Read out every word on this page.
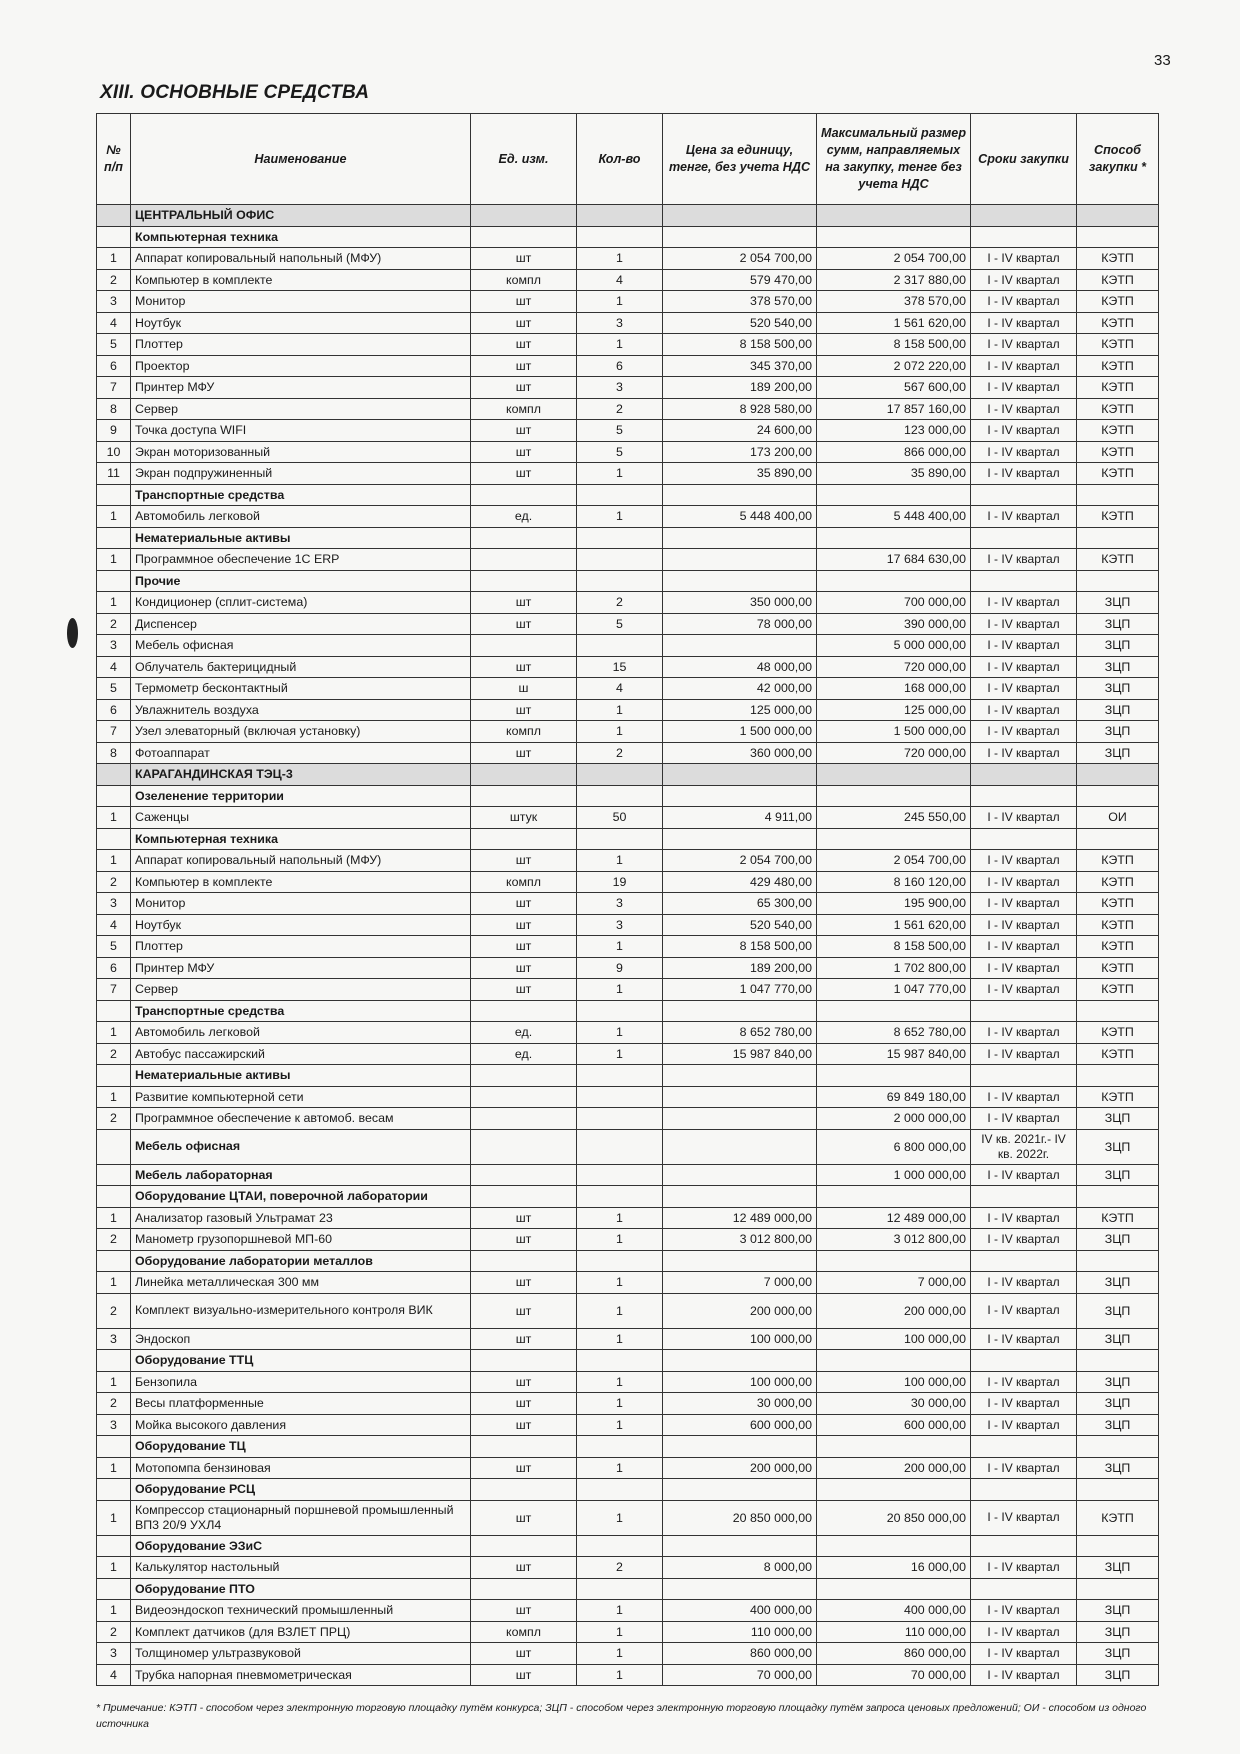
33
XIII. ОСНОВНЫЕ СРЕДСТВА
№ п/п	Наименование	Ед. изм.	Кол-во	Цена за единицу, тенге, без учета НДС	Максимальный размер сумм, направляемых на закупку, тенге без учета НДС	Сроки закупки	Способ закупки *
	ЦЕНТРАЛЬНЫЙ ОФИС						
	Компьютерная техника						
1	Аппарат копировальный напольный (МФУ)	шт	1	2 054 700,00	2 054 700,00	I - IV квартал	КЭТП
2	Компьютер в комплекте	компл	4	579 470,00	2 317 880,00	I - IV квартал	КЭТП
3	Монитор	шт	1	378 570,00	378 570,00	I - IV квартал	КЭТП
4	Ноутбук	шт	3	520 540,00	1 561 620,00	I - IV квартал	КЭТП
5	Плоттер	шт	1	8 158 500,00	8 158 500,00	I - IV квартал	КЭТП
6	Проектор	шт	6	345 370,00	2 072 220,00	I - IV квартал	КЭТП
7	Принтер МФУ	шт	3	189 200,00	567 600,00	I - IV квартал	КЭТП
8	Сервер	компл	2	8 928 580,00	17 857 160,00	I - IV квартал	КЭТП
9	Точка доступа WIFI	шт	5	24 600,00	123 000,00	I - IV квартал	КЭТП
10	Экран моторизованный	шт	5	173 200,00	866 000,00	I - IV квартал	КЭТП
11	Экран подпружиненный	шт	1	35 890,00	35 890,00	I - IV квартал	КЭТП
	Транспортные средства						
1	Автомобиль легковой	ед.	1	5 448 400,00	5 448 400,00	I - IV квартал	КЭТП
	Нематериальные активы						
1	Программное обеспечение 1С ERP				17 684 630,00	I - IV квартал	КЭТП
	Прочие						
1	Кондиционер (сплит-система)	шт	2	350 000,00	700 000,00	I - IV квартал	ЗЦП
2	Диспенсер	шт	5	78 000,00	390 000,00	I - IV квартал	ЗЦП
3	Мебель офисная				5 000 000,00	I - IV квартал	ЗЦП
4	Облучатель бактерицидный	шт	15	48 000,00	720 000,00	I - IV квартал	ЗЦП
5	Термометр бесконтактный	ш	4	42 000,00	168 000,00	I - IV квартал	ЗЦП
6	Увлажнитель воздуха	шт	1	125 000,00	125 000,00	I - IV квартал	ЗЦП
7	Узел элеваторный (включая установку)	компл	1	1 500 000,00	1 500 000,00	I - IV квартал	ЗЦП
8	Фотоаппарат	шт	2	360 000,00	720 000,00	I - IV квартал	ЗЦП
	КАРАГАНДИНСКАЯ ТЭЦ-3						
	Озеленение территории						
1	Саженцы	штук	50	4 911,00	245 550,00	I - IV квартал	ОИ
	Компьютерная техника						
1	Аппарат копировальный напольный (МФУ)	шт	1	2 054 700,00	2 054 700,00	I - IV квартал	КЭТП
2	Компьютер в комплекте	компл	19	429 480,00	8 160 120,00	I - IV квартал	КЭТП
3	Монитор	шт	3	65 300,00	195 900,00	I - IV квартал	КЭТП
4	Ноутбук	шт	3	520 540,00	1 561 620,00	I - IV квартал	КЭТП
5	Плоттер	шт	1	8 158 500,00	8 158 500,00	I - IV квартал	КЭТП
6	Принтер МФУ	шт	9	189 200,00	1 702 800,00	I - IV квартал	КЭТП
7	Сервер	шт	1	1 047 770,00	1 047 770,00	I - IV квартал	КЭТП
	Транспортные средства						
1	Автомобиль легковой	ед.	1	8 652 780,00	8 652 780,00	I - IV квартал	КЭТП
2	Автобус пассажирский	ед.	1	15 987 840,00	15 987 840,00	I - IV квартал	КЭТП
	Нематериальные активы						
1	Развитие компьютерной сети				69 849 180,00	I - IV квартал	КЭТП
2	Программное обеспечение к автомоб. весам				2 000 000,00	I - IV квартал	ЗЦП
	Мебель офисная				6 800 000,00	IV кв. 2021г.- IV кв. 2022г.	ЗЦП
	Мебель лабораторная				1 000 000,00	I - IV квартал	ЗЦП
	Оборудование ЦТАИ, поверочной лаборатории						
1	Анализатор газовый Ультрамат 23	шт	1	12 489 000,00	12 489 000,00	I - IV квартал	КЭТП
2	Манометр грузопоршневой МП-60	шт	1	3 012 800,00	3 012 800,00	I - IV квартал	ЗЦП
	Оборудование лаборатории металлов						
1	Линейка металлическая 300 мм	шт	1	7 000,00	7 000,00	I - IV квартал	ЗЦП
2	Комплект визуально-измерительного контроля ВИК	шт	1	200 000,00	200 000,00	I - IV квартал	ЗЦП
3	Эндоскоп	шт	1	100 000,00	100 000,00	I - IV квартал	ЗЦП
	Оборудование ТТЦ						
1	Бензопила	шт	1	100 000,00	100 000,00	I - IV квартал	ЗЦП
2	Весы платформенные	шт	1	30 000,00	30 000,00	I - IV квартал	ЗЦП
3	Мойка высокого давления	шт	1	600 000,00	600 000,00	I - IV квартал	ЗЦП
	Оборудование ТЦ						
1	Мотопомпа бензиновая	шт	1	200 000,00	200 000,00	I - IV квартал	ЗЦП
	Оборудование РСЦ						
1	Компрессор стационарный поршневой промышленный ВП3 20/9 УХЛ4	шт	1	20 850 000,00	20 850 000,00	I - IV квартал	КЭТП
	Оборудование ЭЗиС						
1	Калькулятор настольный	шт	2	8 000,00	16 000,00	I - IV квартал	ЗЦП
	Оборудование ПТО						
1	Видеоэндоскоп технический промышленный	шт	1	400 000,00	400 000,00	I - IV квартал	ЗЦП
2	Комплект датчиков (для ВЗЛЕТ ПРЦ)	компл	1	110 000,00	110 000,00	I - IV квартал	ЗЦП
3	Толщиномер ультразвуковой	шт	1	860 000,00	860 000,00	I - IV квартал	ЗЦП
4	Трубка напорная пневмометрическая	шт	1	70 000,00	70 000,00	I - IV квартал	ЗЦП
* Примечание: КЭТП - способом через электронную торговую площадку путём конкурса; ЗЦП - способом через электронную торговую площадку путём запроса ценовых предложений; ОИ - способом из одного источника
